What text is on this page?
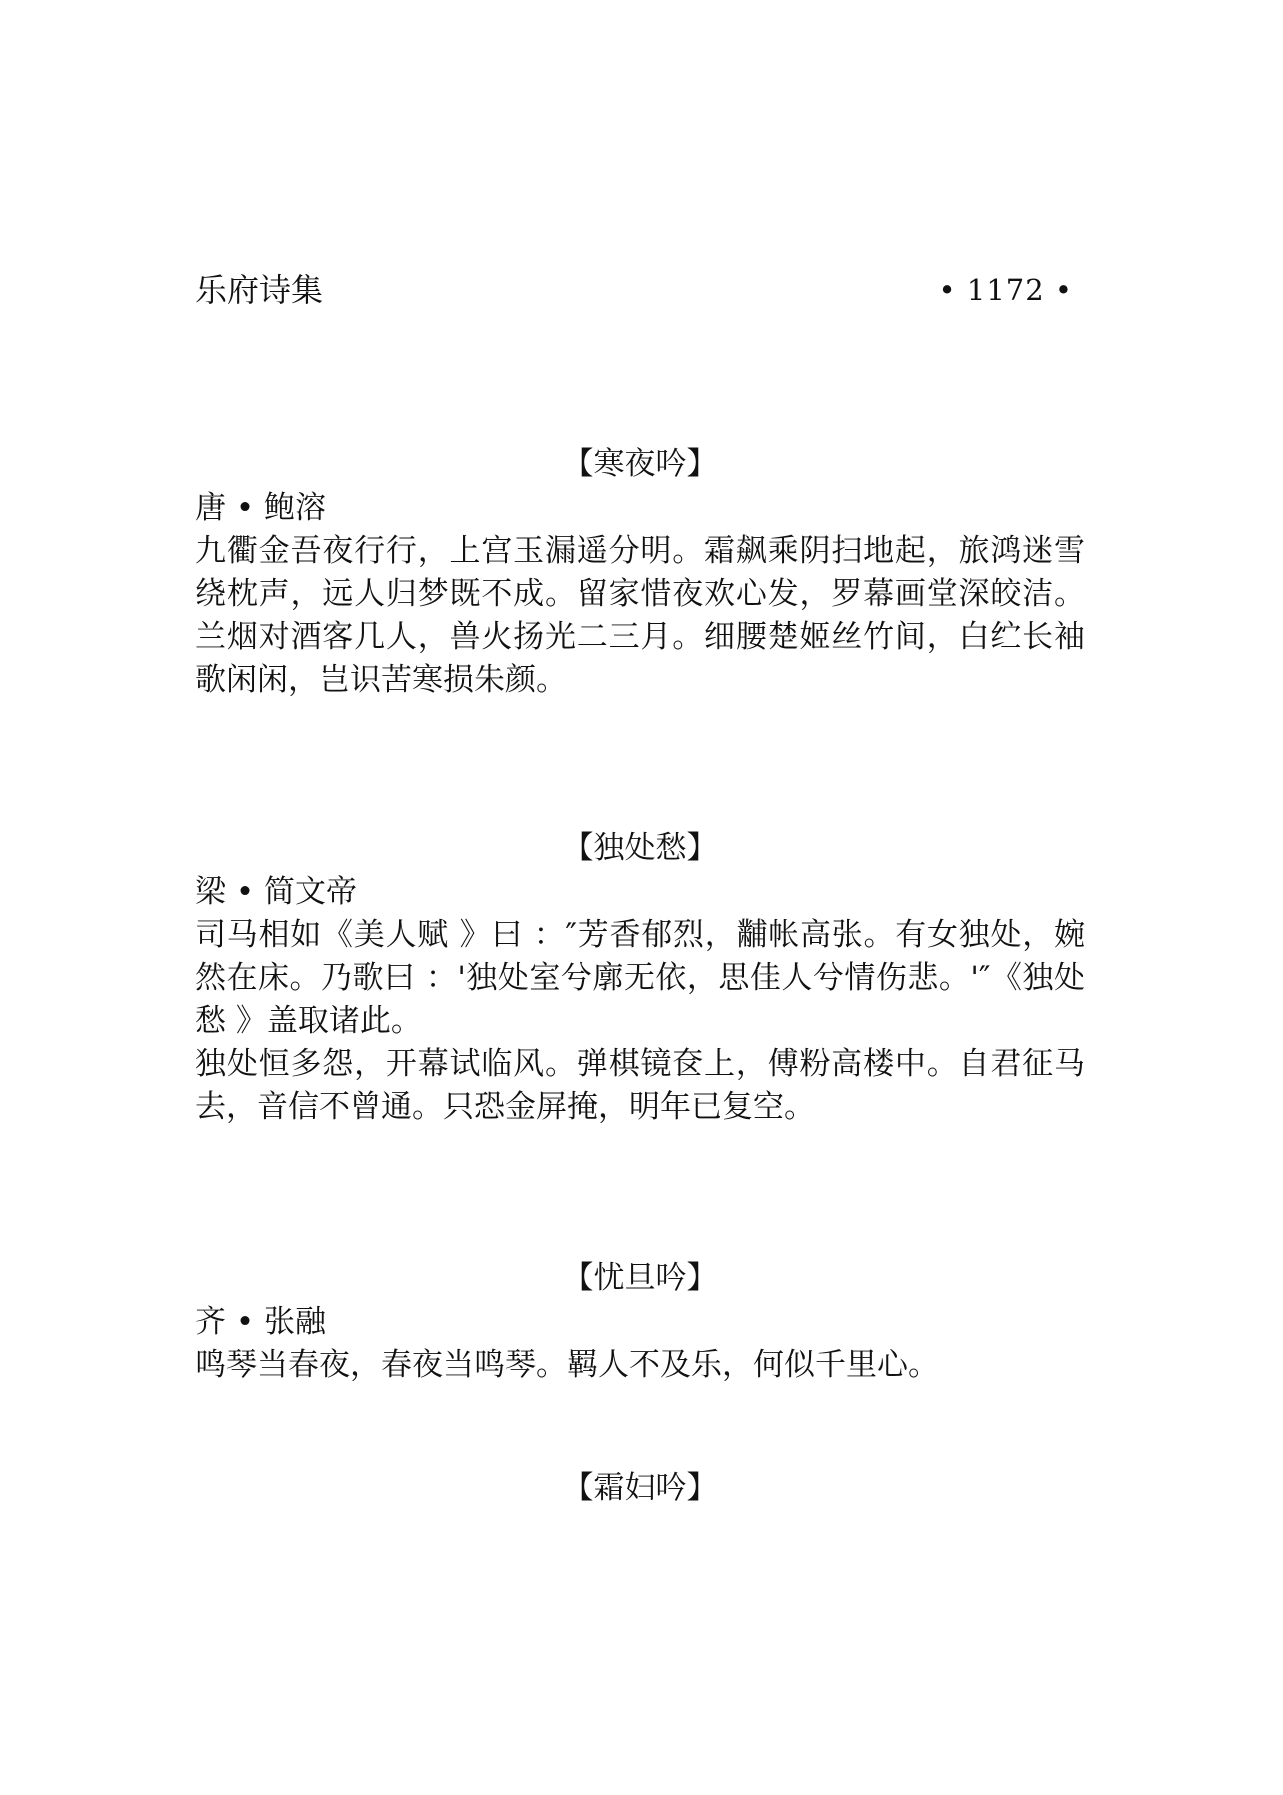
乐府诗集	• 1172 •
【寒夜吟】

唐 • 鲍溶

九衢金吾夜行行，上宫玉漏遥分明。霜飙乘阴扫地起，旅鸿迷雪绕枕声，远人归梦既不成。留家惜夜欢心发，罗幕画堂深皎洁。兰烟对酒客几人，兽火扬光二三月。细腰楚姬丝竹间，白纻长袖歌闲闲，岂识苦寒损朱颜。

【独处愁】

梁 • 简文帝

司马相如《美人赋 》曰 ：″芳香郁烈，黼帐高张。有女独处，婉然在床。乃歌曰 ：'独处室兮廓无依，思佳人兮情伤悲。'″《独处愁 》盖取诸此。

独处恒多怨，开幕试临风。弹棋镜奁上，傅粉高楼中。自君征马去，音信不曾通。只恐金屏掩，明年已复空。

【忧旦吟】

齐 • 张融

鸣琴当春夜，春夜当鸣琴。羁人不及乐，何似千里心。

【霜妇吟】
